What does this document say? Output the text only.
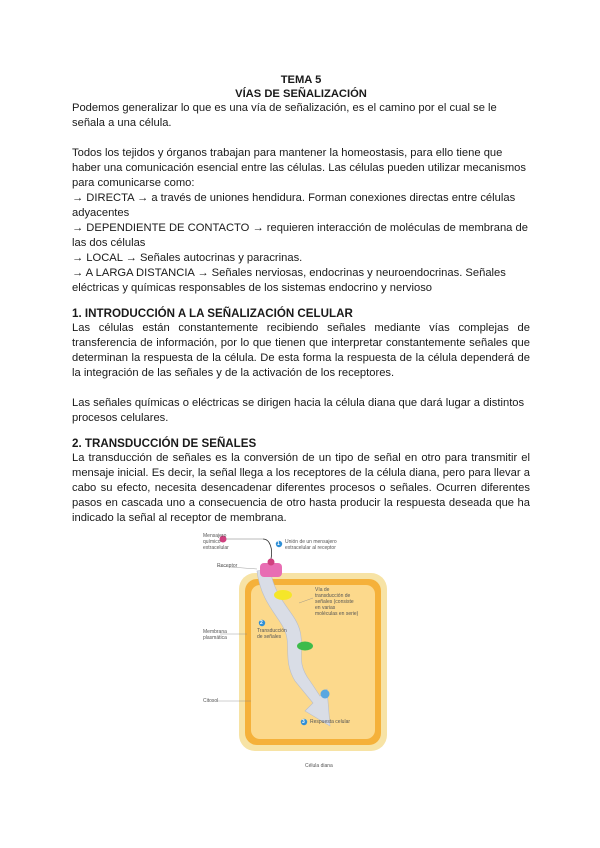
TEMA 5
VÍAS DE SEÑALIZACIÓN

Podemos generalizar lo que es una vía de señalización, es el camino por el cual se le señala a una célula.

Todos los tejidos y órganos trabajan para mantener la homeostasis, para ello tiene que haber una comunicación esencial entre las células. Las células pueden utilizar mecanismos para comunicarse como:

→ DIRECTA → a través de uniones hendidura. Forman conexiones directas entre células adyacentes

→ DEPENDIENTE DE CONTACTO → requieren interacción de moléculas de membrana de las dos células

→ LOCAL → Señales autocrinas y paracrinas.

→ A LARGA DISTANCIA → Señales nerviosas, endocrinas y neuroendocrinas. Señales eléctricas y químicas responsables de los sistemas endocrino y nervioso

1. INTRODUCCIÓN A LA SEÑALIZACIÓN CELULAR

Las células están constantemente recibiendo señales mediante vías complejas de transferencia de información, por lo que tienen que interpretar constantemente señales que determinan la respuesta de la célula. De esta forma la respuesta de la célula dependerá de la integración de las señales y de la activación de los receptores.

Las señales químicas o eléctricas se dirigen hacia la célula diana que dará lugar a distintos procesos celulares.

2. TRANSDUCCIÓN DE SEÑALES

La transducción de señales es la conversión de un tipo de señal en otro para transmitir el mensaje inicial. Es decir, la señal llega a los receptores de la célula diana, pero para llevar a cabo su efecto, necesita desencadenar diferentes procesos o señales. Ocurren diferentes pasos en cascada uno a consecuencia de otro hasta producir la respuesta deseada que ha indicado la señal al receptor de membrana.

Mensajero químico extracelular
Receptor
Membrana plasmática
Citosol
Célula diana
1 Unión de un mensajero extracelular al receptor
2
Transducción de señales
3 Respuesta celular
Vía de transducción de señales (consiste en varias moléculas en serie)
